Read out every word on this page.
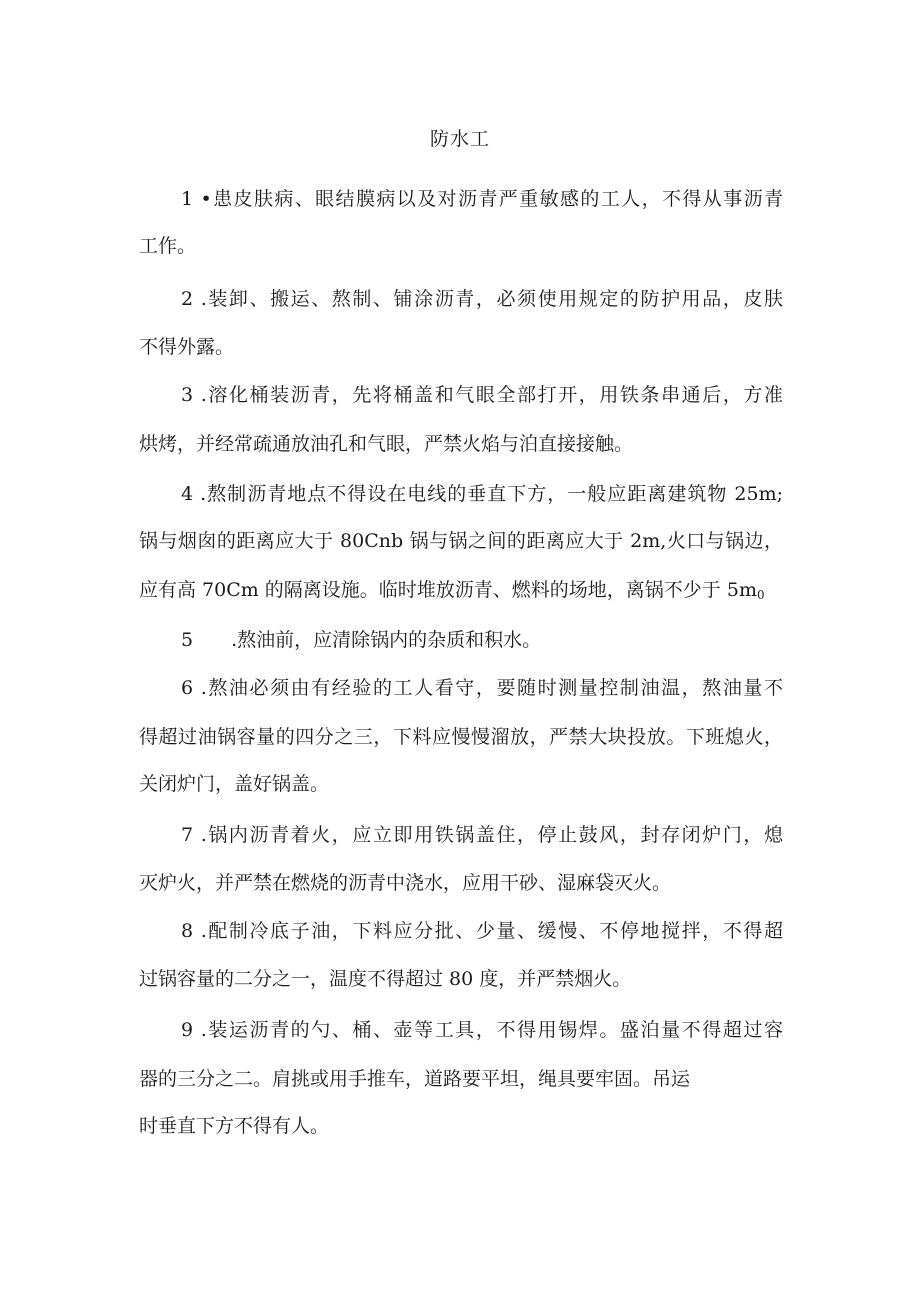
防水工
1 •患皮肤病、眼结膜病以及对沥青严重敏感的工人，不得从事沥青
工作。
2 .装卸、搬运、熬制、铺涂沥青，必须使用规定的防护用品，皮肤
不得外露。
3 .溶化桶装沥青，先将桶盖和气眼全部打开，用铁条串通后，方准
烘烤，并经常疏通放油孔和气眼，严禁火焰与泊直接接触。
4 .熬制沥青地点不得设在电线的垂直下方，一般应距离建筑物 25m;
锅与烟囱的距离应大于 80Cnb 锅与锅之间的距离应大于 2m,火口与锅边，
应有高 70Cm 的隔离设施。临时堆放沥青、燃料的场地，离锅不少于 $5m_0$
5　　.熬油前，应清除锅内的杂质和积水。
6 .熬油必须由有经验的工人看守，要随时测量控制油温，熬油量不
得超过油锅容量的四分之三，下料应慢慢溜放，严禁大块投放。下班熄火，
关闭炉门，盖好锅盖。
7 .锅内沥青着火，应立即用铁锅盖住，停止鼓风，封存闭炉门，熄
灭炉火，并严禁在燃烧的沥青中浇水，应用干砂、湿麻袋灭火。
8 .配制冷底子油，下料应分批、少量、缓慢、不停地搅拌，不得超
过锅容量的二分之一，温度不得超过 80 度，并严禁烟火。
9 .装运沥青的勺、桶、壶等工具，不得用锡焊。盛泊量不得超过容
器的三分之二。肩挑或用手推车，道路要平坦，绳具要牢固。吊运
时垂直下方不得有人。
